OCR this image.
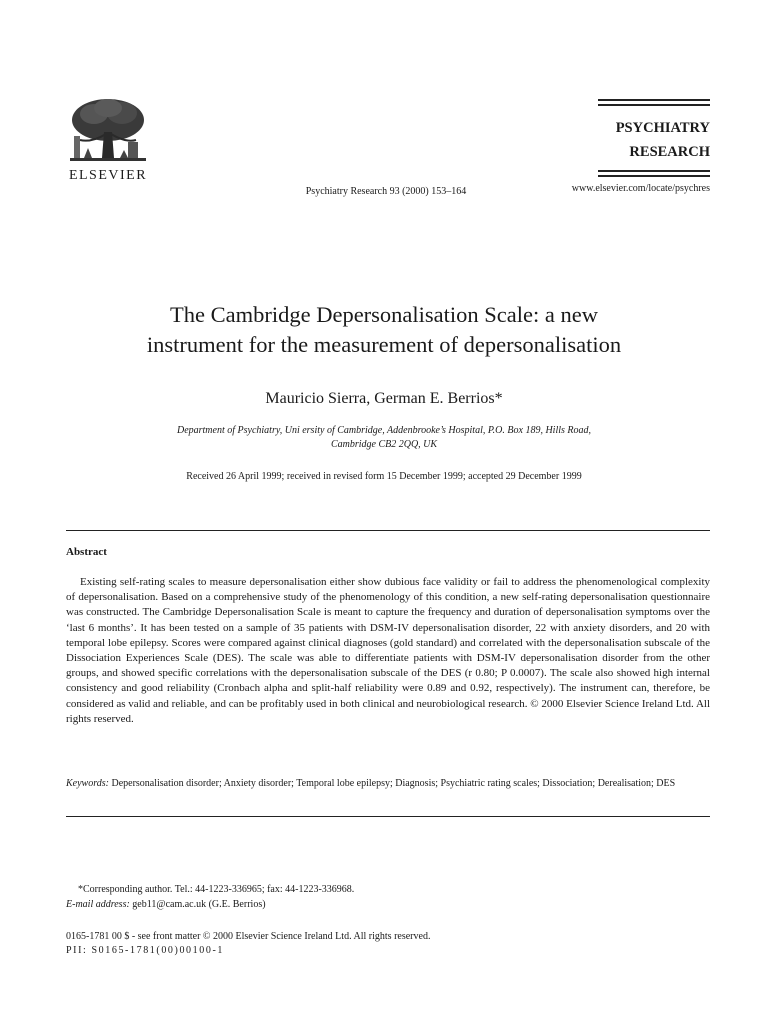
ELSEVIER
PSYCHIATRY
RESEARCH
Psychiatry Research 93 (2000) 153–164	www.elsevier.com/locate/psychres
The Cambridge Depersonalisation Scale: a new
instrument for the measurement of depersonalisation
Mauricio Sierra, German E. Berrios*
Department of Psychiatry, Uni ersity of Cambridge, Addenbrooke’s Hospital, P.O. Box 189, Hills Road,
Cambridge CB2 2QQ, UK
Received 26 April 1999; received in revised form 15 December 1999; accepted 29 December 1999
Abstract

Existing self-rating scales to measure depersonalisation either show dubious face validity or fail to address the phenomenological complexity of depersonalisation. Based on a comprehensive study of the phenomenology of this condition, a new self-rating depersonalisation questionnaire was constructed. The Cambridge Depersonalisation Scale is meant to capture the frequency and duration of depersonalisation symptoms over the ‘last 6 months’. It has been tested on a sample of 35 patients with DSM-IV depersonalisation disorder, 22 with anxiety disorders, and 20 with temporal lobe epilepsy. Scores were compared against clinical diagnoses (gold standard) and correlated with the depersonalisation subscale of the Dissociation Experiences Scale (DES). The scale was able to differentiate patients with DSM-IV depersonalisation disorder from the other groups, and showed specific correlations with the depersonalisation subscale of the DES (r 0.80; P 0.0007). The scale also showed high internal consistency and good reliability (Cronbach alpha and split-half reliability were 0.89 and 0.92, respectively). The instrument can, therefore, be considered as valid and reliable, and can be profitably used in both clinical and neurobiological research. © 2000 Elsevier Science Ireland Ltd. All rights reserved.

Keywords: Depersonalisation disorder; Anxiety disorder; Temporal lobe epilepsy; Diagnosis; Psychiatric rating scales; Dissociation; Derealisation; DES
*Corresponding author. Tel.: 44-1223-336965; fax: 44-1223-336968.
E-mail address: geb11@cam.ac.uk (G.E. Berrios)
0165-1781 00 $ - see front matter © 2000 Elsevier Science Ireland Ltd. All rights reserved.
PII: S0165-1781(00)00100-1
